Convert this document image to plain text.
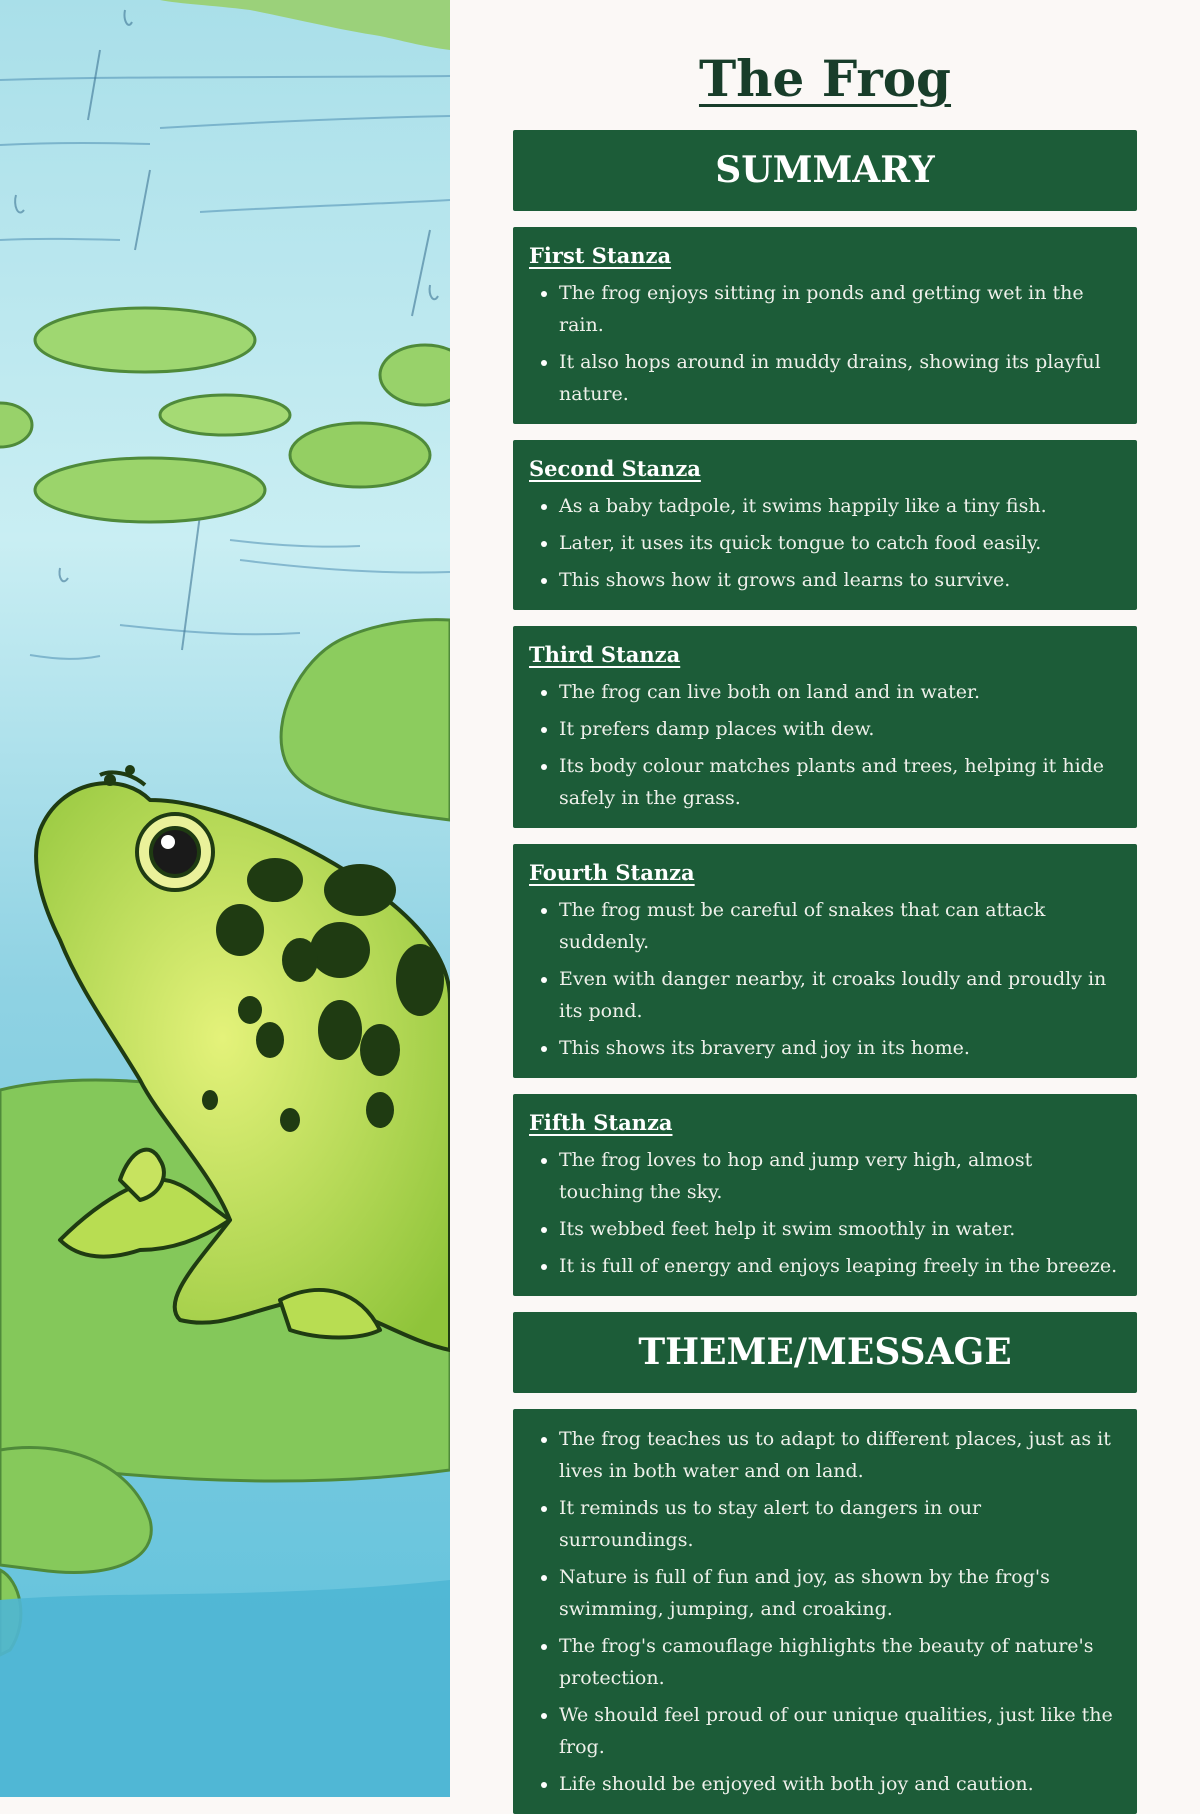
The Frog
SUMMARY
First Stanza
• The frog enjoys sitting in ponds and getting wet in the rain.
• It also hops around in muddy drains, showing its playful nature.
Second Stanza
• As a baby tadpole, it swims happily like a tiny fish.
• Later, it uses its quick tongue to catch food easily.
• This shows how it grows and learns to survive.
Third Stanza
• The frog can live both on land and in water.
• It prefers damp places with dew.
• Its body colour matches plants and trees, helping it hide safely in the grass.
Fourth Stanza
• The frog must be careful of snakes that can attack suddenly.
• Even with danger nearby, it croaks loudly and proudly in its pond.
• This shows its bravery and joy in its home.
Fifth Stanza
• The frog loves to hop and jump very high, almost touching the sky.
• Its webbed feet help it swim smoothly in water.
• It is full of energy and enjoys leaping freely in the breeze.
THEME/MESSAGE
• The frog teaches us to adapt to different places, just as it lives in both water and on land.
• It reminds us to stay alert to dangers in our surroundings.
• Nature is full of fun and joy, as shown by the frog's swimming, jumping, and croaking.
• The frog's camouflage highlights the beauty of nature's protection.
• We should feel proud of our unique qualities, just like the frog.
• Life should be enjoyed with both joy and caution.
